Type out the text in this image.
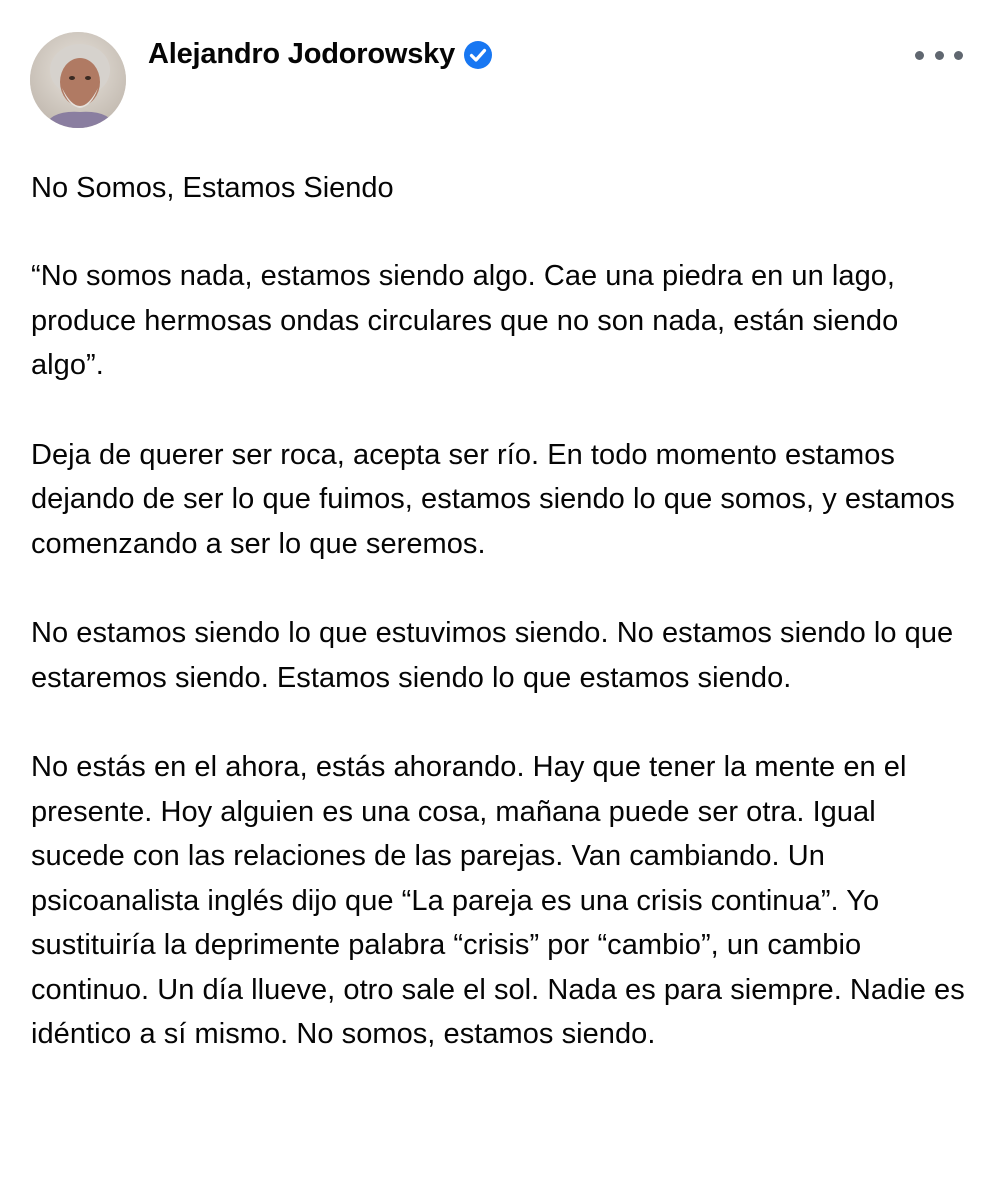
Alejandro Jodorowsky

No Somos, Estamos Siendo

“No somos nada, estamos siendo algo. Cae una piedra en un lago, produce hermosas ondas circulares que no son nada, están siendo algo”.

Deja de querer ser roca, acepta ser río. En todo momento estamos dejando de ser lo que fuimos, estamos siendo lo que somos, y estamos comenzando a ser lo que seremos.

No estamos siendo lo que estuvimos siendo. No estamos siendo lo que estaremos siendo. Estamos siendo lo que estamos siendo.

No estás en el ahora, estás ahorando. Hay que tener la mente en el presente. Hoy alguien es una cosa, mañana puede ser otra. Igual sucede con las relaciones de las parejas. Van cambiando. Un psicoanalista inglés dijo que “La pareja es una crisis continua”. Yo sustituiría la deprimente palabra “crisis” por “cambio”, un cambio continuo. Un día llueve, otro sale el sol. Nada es para siempre. Nadie es idéntico a sí mismo. No somos, estamos siendo.
